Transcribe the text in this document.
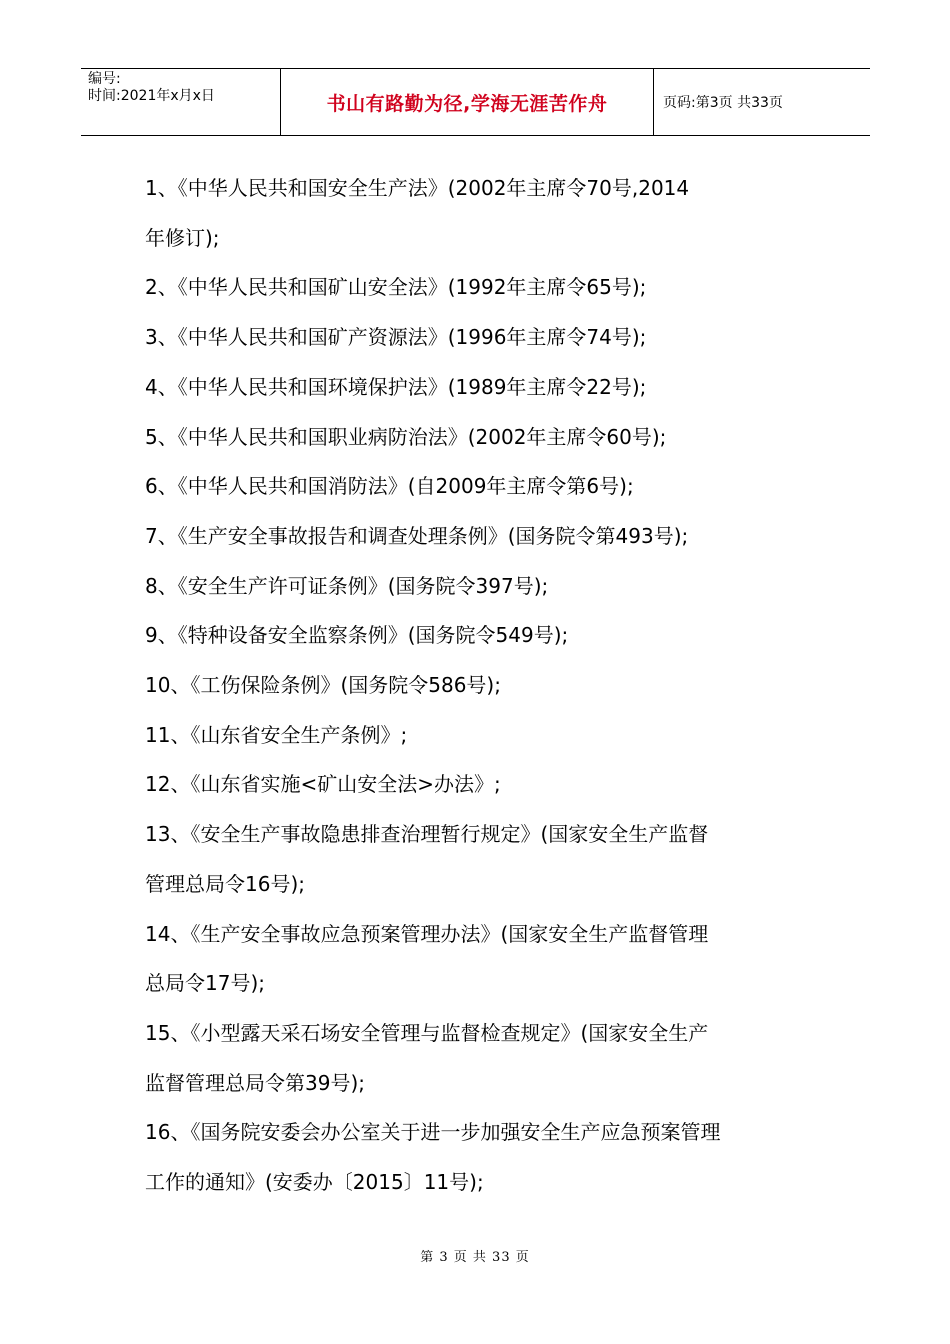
编号:
时间:2021年x月x日	书山有路勤为径,学海无涯苦作舟	页码:第3页 共33页

1、《中华人民共和国安全生产法》(2002年主席令70号,2014

年修订);

2、《中华人民共和国矿山安全法》(1992年主席令65号);

3、《中华人民共和国矿产资源法》(1996年主席令74号);

4、《中华人民共和国环境保护法》(1989年主席令22号);

5、《中华人民共和国职业病防治法》(2002年主席令60号);

6、《中华人民共和国消防法》(自2009年主席令第6号);

7、《生产安全事故报告和调查处理条例》(国务院令第493号);

8、《安全生产许可证条例》(国务院令397号);

9、《特种设备安全监察条例》(国务院令549号);

10、《工伤保险条例》(国务院令586号);

11、《山东省安全生产条例》;

12、《山东省实施<矿山安全法>办法》;

13、《安全生产事故隐患排查治理暂行规定》(国家安全生产监督

管理总局令16号);

14、《生产安全事故应急预案管理办法》(国家安全生产监督管理

总局令17号);

15、《小型露天采石场安全管理与监督检查规定》(国家安全生产

监督管理总局令第39号);

16、《国务院安委会办公室关于进一步加强安全生产应急预案管理

工作的通知》(安委办〔2015〕11号);

第 3 页 共 33 页
